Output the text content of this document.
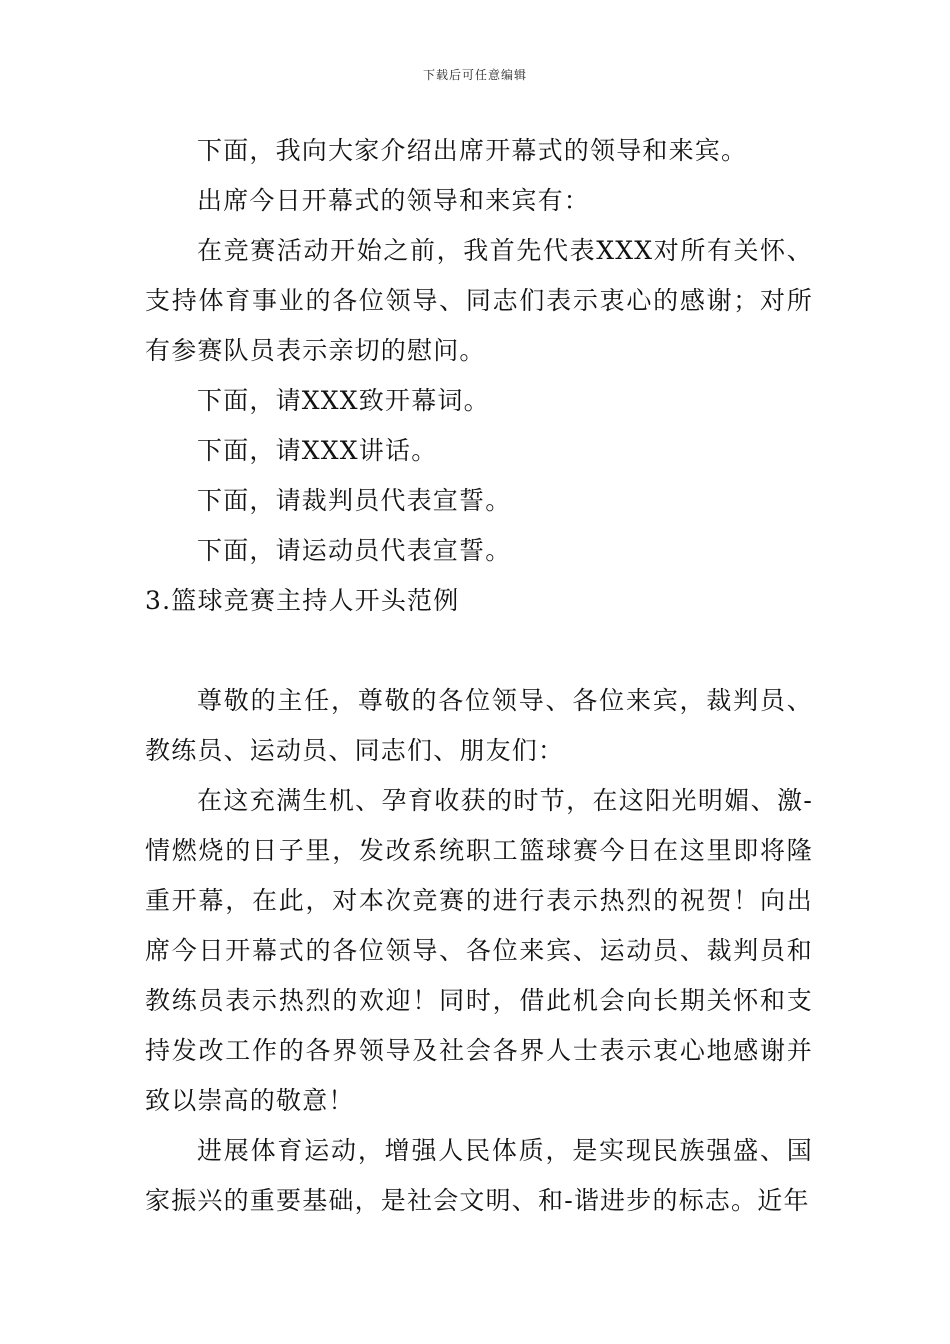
下载后可任意编辑

下面，我向大家介绍出席开幕式的领导和来宾。

出席今日开幕式的领导和来宾有：

在竞赛活动开始之前，我首先代表XXX对所有关怀、支持体育事业的各位领导、同志们表示衷心的感谢；对所有参赛队员表示亲切的慰问。

下面，请XXX致开幕词。

下面，请XXX讲话。

下面，请裁判员代表宣誓。

下面，请运动员代表宣誓。

3.篮球竞赛主持人开头范例

尊敬的主任，尊敬的各位领导、各位来宾，裁判员、教练员、运动员、同志们、朋友们：

在这充满生机、孕育收获的时节，在这阳光明媚、激-情燃烧的日子里，发改系统职工篮球赛今日在这里即将隆重开幕，在此，对本次竞赛的进行表示热烈的祝贺！向出席今日开幕式的各位领导、各位来宾、运动员、裁判员和教练员表示热烈的欢迎！同时，借此机会向长期关怀和支持发改工作的各界领导及社会各界人士表示衷心地感谢并致以崇高的敬意！

进展体育运动，增强人民体质，是实现民族强盛、国家振兴的重要基础，是社会文明、和-谐进步的标志。近年
